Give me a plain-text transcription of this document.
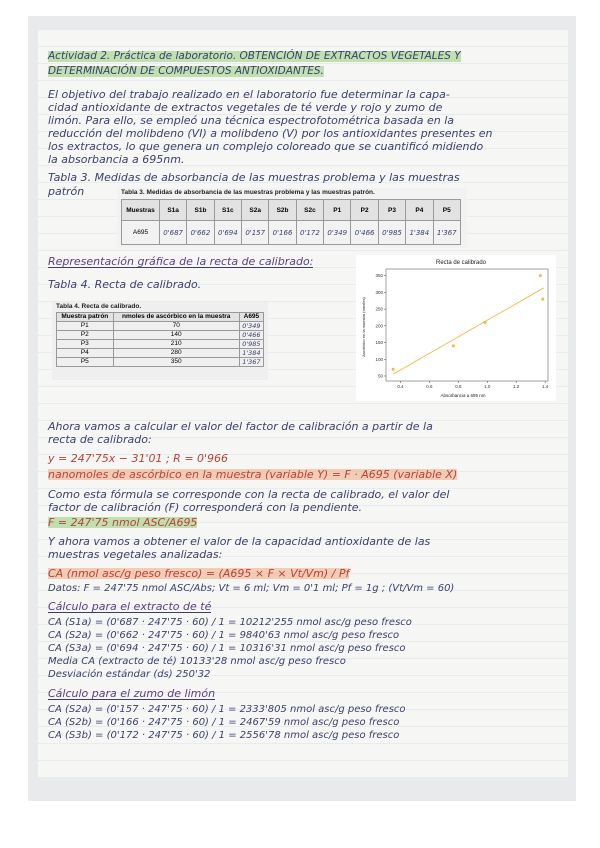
Actividad 2. Práctica de laboratorio. OBTENCIÓN DE EXTRACTOS VEGETALES Y
DETERMINACIÓN DE COMPUESTOS ANTIOXIDANTES.
El objetivo del trabajo realizado en el laboratorio fue determinar la capa-
cidad antioxidante de extractos vegetales de té verde y rojo y zumo de
limón. Para ello, se empleó una técnica espectrofotométrica basada en la
reducción del molibdeno (VI) a molibdeno (V) por los antioxidantes presentes en
los extractos, lo que genera un complejo coloreado que se cuantificó midiendo
la absorbancia a 695nm.
Tabla 3. Medidas de absorbancia de las muestras problema y las muestras
patrón	Tabla 3. Medidas de absorbancia de las muestras problema y las muestras patrón.
Muestras	S1a	S1b	S1c	S2a	S2b	S2c	P1	P2	P3	P4	P5
A695	0'687	0'662	0'694	0'157	0'166	0'172	0'349	0'466	0'985	1'384	1'367
Representación gráfica de la recta de calibrado:
Tabla 4. Recta de calibrado.
Tabla 4. Recta de calibrado.
Muestra patrón	nmoles de ascórbico en la muestra	A695
P1	70	0'349
P2	140	0'466
P3	210	0'985
P4	280	1'384
P5	350	1'367
Recta de calibrado
Absorbancia a 695 nm
Ascórbico en la muestra (nmoles)
0.4	0.6	0.8	1.0	1.2	1.4
50
100
150
200
250
300
350
Ahora vamos a calcular el valor del factor de calibración a partir de la
recta de calibrado:
y = 247'75x − 31'01 ; R = 0'966
nanomoles de ascórbico en la muestra (variable Y) = F · A695 (variable X)
Como esta fórmula se corresponde con la recta de calibrado, el valor del
factor de calibración (F) corresponderá con la pendiente.
F = 247'75 nmol ASC/A695
Y ahora vamos a obtener el valor de la capacidad antioxidante de las
muestras vegetales analizadas:
CA (nmol asc/g peso fresco) = (A695 × F × Vt/Vm) / Pf
Datos: F = 247'75 nmol ASC/Abs; Vt = 6 ml; Vm = 0'1 ml; Pf = 1g ; (Vt/Vm = 60)
Cálculo para el extracto de té
CA (S1a) = (0'687 · 247'75 · 60) / 1 = 10212'255 nmol asc/g peso fresco
CA (S2a) = (0'662 · 247'75 · 60) / 1 = 9840'63 nmol asc/g peso fresco
CA (S3a) = (0'694 · 247'75 · 60) / 1 = 10316'31 nmol asc/g peso fresco
Media CA (extracto de té) 10133'28 nmol asc/g peso fresco
Desviación estándar (ds) 250'32
Cálculo para el zumo de limón
CA (S2a) = (0'157 · 247'75 · 60) / 1 = 2333'805 nmol asc/g peso fresco
CA (S2b) = (0'166 · 247'75 · 60) / 1 = 2467'59 nmol asc/g peso fresco
CA (S3b) = (0'172 · 247'75 · 60) / 1 = 2556'78 nmol asc/g peso fresco
